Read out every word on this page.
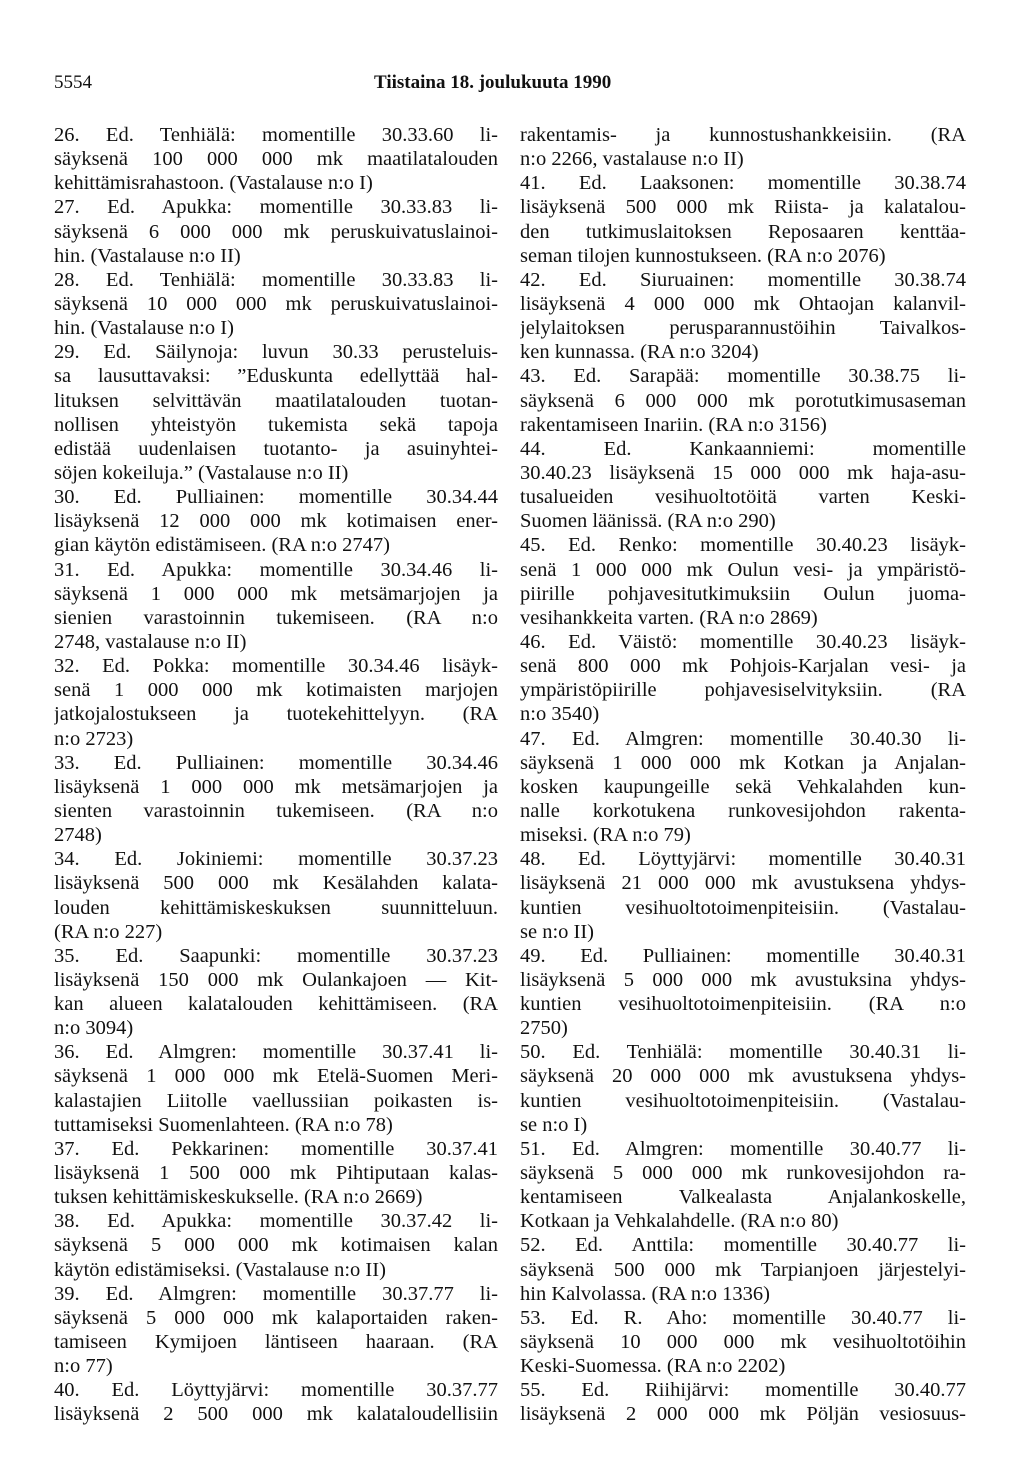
5554	Tiistaina 18. joulukuuta 1990
26. Ed. Tenhiälä: momentille 30.33.60 li-
säyksenä 100 000 000 mk maatilatalouden
kehittämisrahastoon. (Vastalause n:o I)
27. Ed. Apukka: momentille 30.33.83 li-
säyksenä 6 000 000 mk peruskuivatuslainoi-
hin. (Vastalause n:o II)
28. Ed. Tenhiälä: momentille 30.33.83 li-
säyksenä 10 000 000 mk peruskuivatuslainoi-
hin. (Vastalause n:o I)
29. Ed. Säilynoja: luvun 30.33 perusteluis-
sa lausuttavaksi: ”Eduskunta edellyttää hal-
lituksen selvittävän maatilatalouden tuotan-
nollisen yhteistyön tukemista sekä tapoja
edistää uudenlaisen tuotanto- ja asuinyhtei-
söjen kokeiluja.” (Vastalause n:o II)
30. Ed. Pulliainen: momentille 30.34.44
lisäyksenä 12 000 000 mk kotimaisen ener-
gian käytön edistämiseen. (RA n:o 2747)
31. Ed. Apukka: momentille 30.34.46 li-
säyksenä 1 000 000 mk metsämarjojen ja
sienien varastoinnin tukemiseen. (RA n:o
2748, vastalause n:o II)
32. Ed. Pokka: momentille 30.34.46 lisäyk-
senä 1 000 000 mk kotimaisten marjojen
jatkojalostukseen ja tuotekehittelyyn. (RA
n:o 2723)
33. Ed. Pulliainen: momentille 30.34.46
lisäyksenä 1 000 000 mk metsämarjojen ja
sienten varastoinnin tukemiseen. (RA n:o
2748)
34. Ed. Jokiniemi: momentille 30.37.23
lisäyksenä 500 000 mk Kesälahden kalata-
louden kehittämiskeskuksen suunnitteluun.
(RA n:o 227)
35. Ed. Saapunki: momentille 30.37.23
lisäyksenä 150 000 mk Oulankajoen — Kit-
kan alueen kalatalouden kehittämiseen. (RA
n:o 3094)
36. Ed. Almgren: momentille 30.37.41 li-
säyksenä 1 000 000 mk Etelä-Suomen Meri-
kalastajien Liitolle vaellussiian poikasten is-
tuttamiseksi Suomenlahteen. (RA n:o 78)
37. Ed. Pekkarinen: momentille 30.37.41
lisäyksenä 1 500 000 mk Pihtiputaan kalas-
tuksen kehittämiskeskukselle. (RA n:o 2669)
38. Ed. Apukka: momentille 30.37.42 li-
säyksenä 5 000 000 mk kotimaisen kalan
käytön edistämiseksi. (Vastalause n:o II)
39. Ed. Almgren: momentille 30.37.77 li-
säyksenä 5 000 000 mk kalaportaiden raken-
tamiseen Kymijoen läntiseen haaraan. (RA
n:o 77)
40. Ed. Löyttyjärvi: momentille 30.37.77
lisäyksenä 2 500 000 mk kalataloudellisiin
rakentamis- ja kunnostushankkeisiin. (RA
n:o 2266, vastalause n:o II)
41. Ed. Laaksonen: momentille 30.38.74
lisäyksenä 500 000 mk Riista- ja kalatalou-
den tutkimuslaitoksen Reposaaren kenttäa-
seman tilojen kunnostukseen. (RA n:o 2076)
42. Ed. Siuruainen: momentille 30.38.74
lisäyksenä 4 000 000 mk Ohtaojan kalanvil-
jelylaitoksen perusparannustöihin Taivalkos-
ken kunnassa. (RA n:o 3204)
43. Ed. Sarapää: momentille 30.38.75 li-
säyksenä 6 000 000 mk porotutkimusaseman
rakentamiseen Inariin. (RA n:o 3156)
44. Ed. Kankaanniemi: momentille
30.40.23 lisäyksenä 15 000 000 mk haja-asu-
tusalueiden vesihuoltotöitä varten Keski-
Suomen läänissä. (RA n:o 290)
45. Ed. Renko: momentille 30.40.23 lisäyk-
senä 1 000 000 mk Oulun vesi- ja ympäristö-
piirille pohjavesitutkimuksiin Oulun juoma-
vesihankkeita varten. (RA n:o 2869)
46. Ed. Väistö: momentille 30.40.23 lisäyk-
senä 800 000 mk Pohjois-Karjalan vesi- ja
ympäristöpiirille pohjavesiselvityksiin. (RA
n:o 3540)
47. Ed. Almgren: momentille 30.40.30 li-
säyksenä 1 000 000 mk Kotkan ja Anjalan-
kosken kaupungeille sekä Vehkalahden kun-
nalle korkotukena runkovesijohdon rakenta-
miseksi. (RA n:o 79)
48. Ed. Löyttyjärvi: momentille 30.40.31
lisäyksenä 21 000 000 mk avustuksena yhdys-
kuntien vesihuoltotoimenpiteisiin. (Vastalau-
se n:o II)
49. Ed. Pulliainen: momentille 30.40.31
lisäyksenä 5 000 000 mk avustuksina yhdys-
kuntien vesihuoltotoimenpiteisiin. (RA n:o
2750)
50. Ed. Tenhiälä: momentille 30.40.31 li-
säyksenä 20 000 000 mk avustuksena yhdys-
kuntien vesihuoltotoimenpiteisiin. (Vastalau-
se n:o I)
51. Ed. Almgren: momentille 30.40.77 li-
säyksenä 5 000 000 mk runkovesijohdon ra-
kentamiseen Valkealasta Anjalankoskelle,
Kotkaan ja Vehkalahdelle. (RA n:o 80)
52. Ed. Anttila: momentille 30.40.77 li-
säyksenä 500 000 mk Tarpianjoen järjestelyi-
hin Kalvolassa. (RA n:o 1336)
53. Ed. R. Aho: momentille 30.40.77 li-
säyksenä 10 000 000 mk vesihuoltotöihin
Keski-Suomessa. (RA n:o 2202)
55. Ed. Riihijärvi: momentille 30.40.77
lisäyksenä 2 000 000 mk Pöljän vesiosuus-
